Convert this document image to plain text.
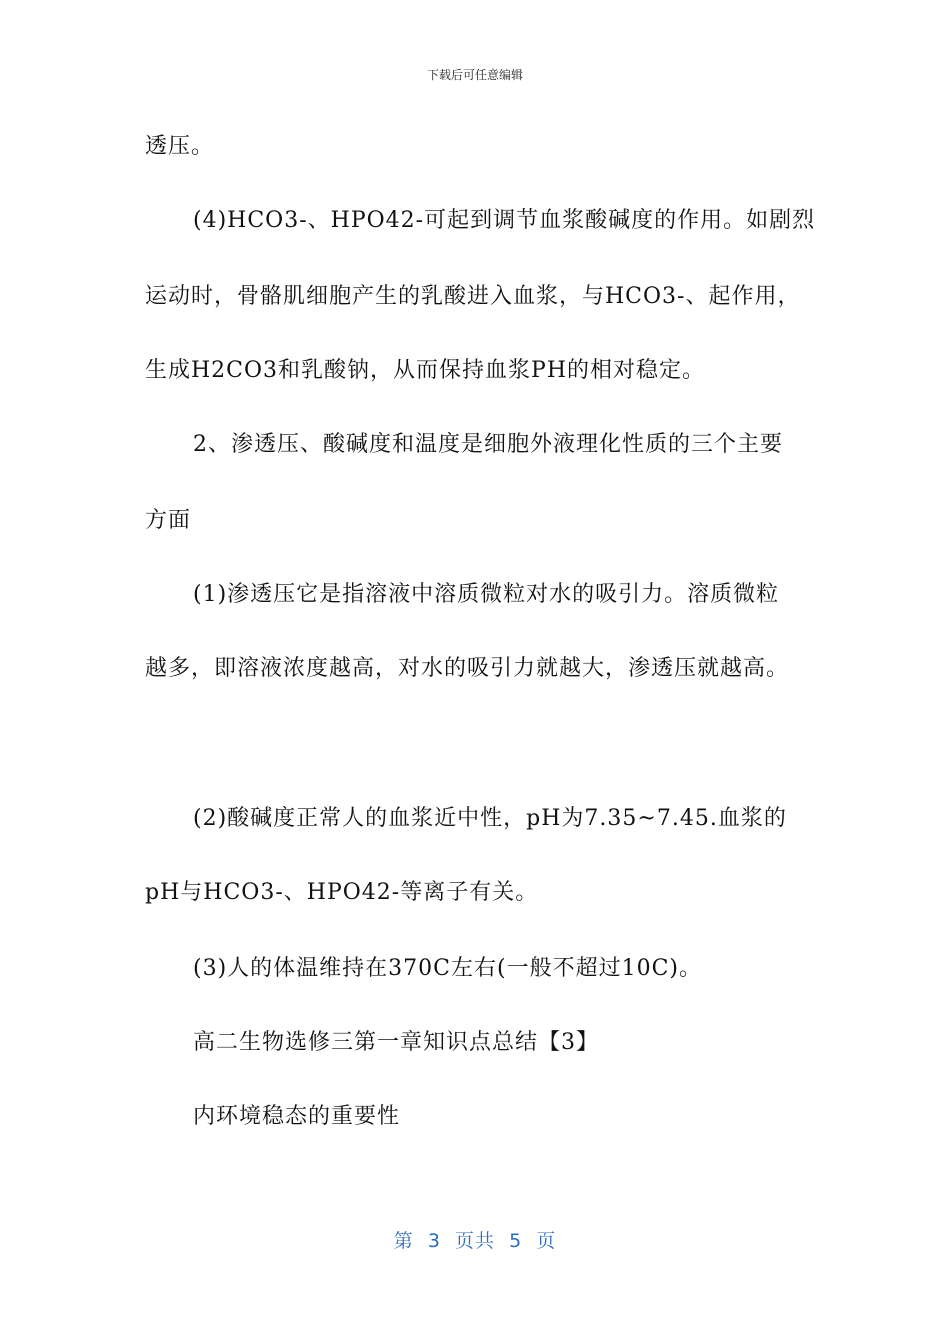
下载后可任意编辑
透压。
(4)HCO3-、HPO42-可起到调节血浆酸碱度的作用。如剧烈
运动时，骨骼肌细胞产生的乳酸进入血浆，与HCO3-、起作用，
生成H2CO3和乳酸钠，从而保持血浆PH的相对稳定。
2、渗透压、酸碱度和温度是细胞外液理化性质的三个主要
方面
(1)渗透压它是指溶液中溶质微粒对水的吸引力。溶质微粒
越多，即溶液浓度越高，对水的吸引力就越大，渗透压就越高。
(2)酸碱度正常人的血浆近中性，pH为7.35~7.45.血浆的
pH与HCO3-、HPO42-等离子有关。
(3)人的体温维持在370C左右(一般不超过10C)。
高二生物选修三第一章知识点总结【3】
内环境稳态的重要性
第  3  页共  5  页
